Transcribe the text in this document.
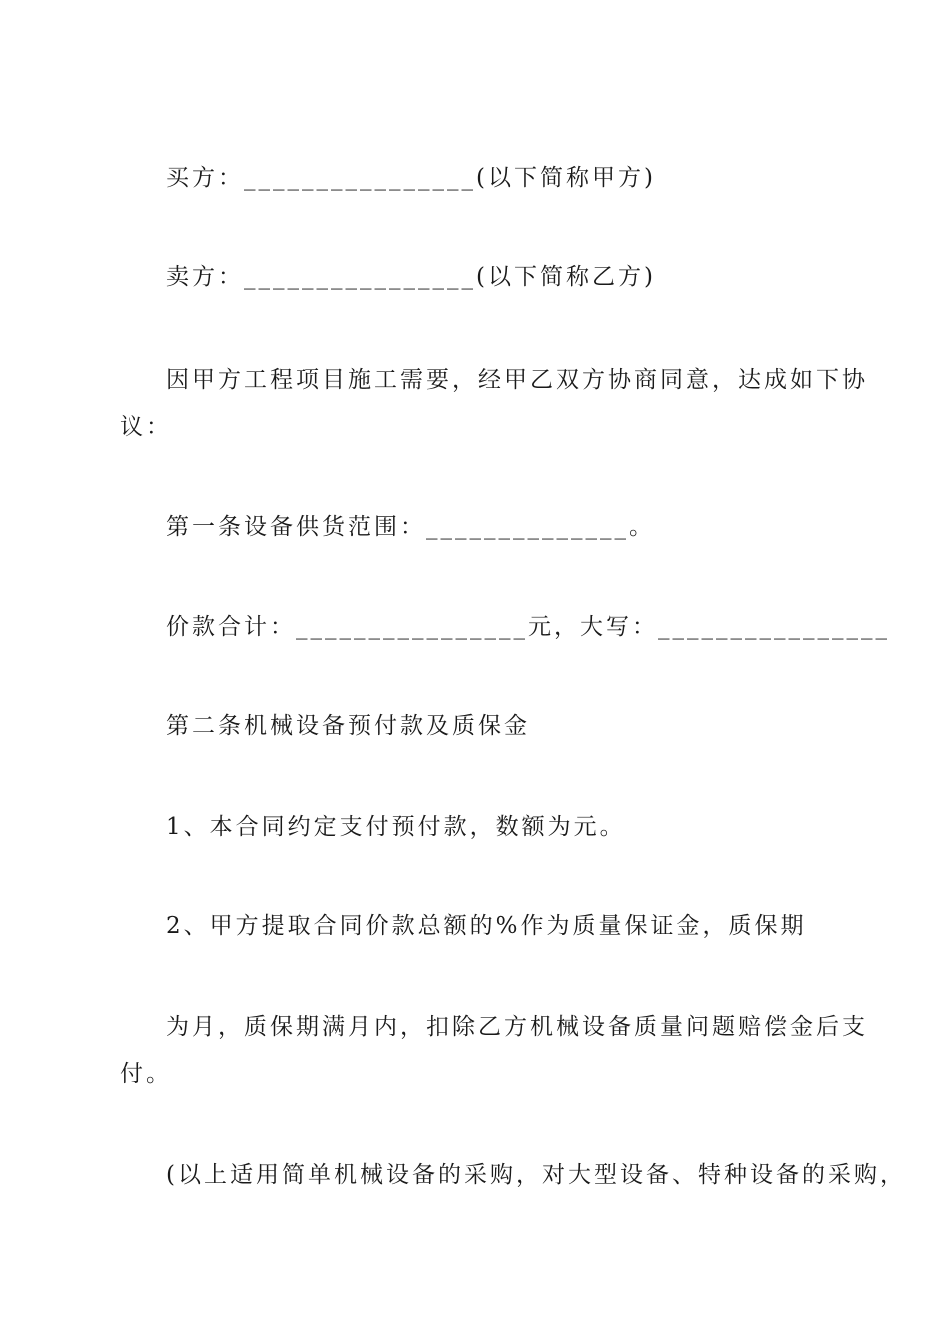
买方：________________(以下简称甲方)
卖方：________________(以下简称乙方)
因甲方工程项目施工需要，经甲乙双方协商同意，达成如下协
议：
第一条设备供货范围：______________。
价款合计：________________元，大写：________________
第二条机械设备预付款及质保金
1、本合同约定支付预付款，数额为元。
2、甲方提取合同价款总额的%作为质量保证金，质保期
为月，质保期满月内，扣除乙方机械设备质量问题赔偿金后支
付。
(以上适用简单机械设备的采购，对大型设备、特种设备的采购，
